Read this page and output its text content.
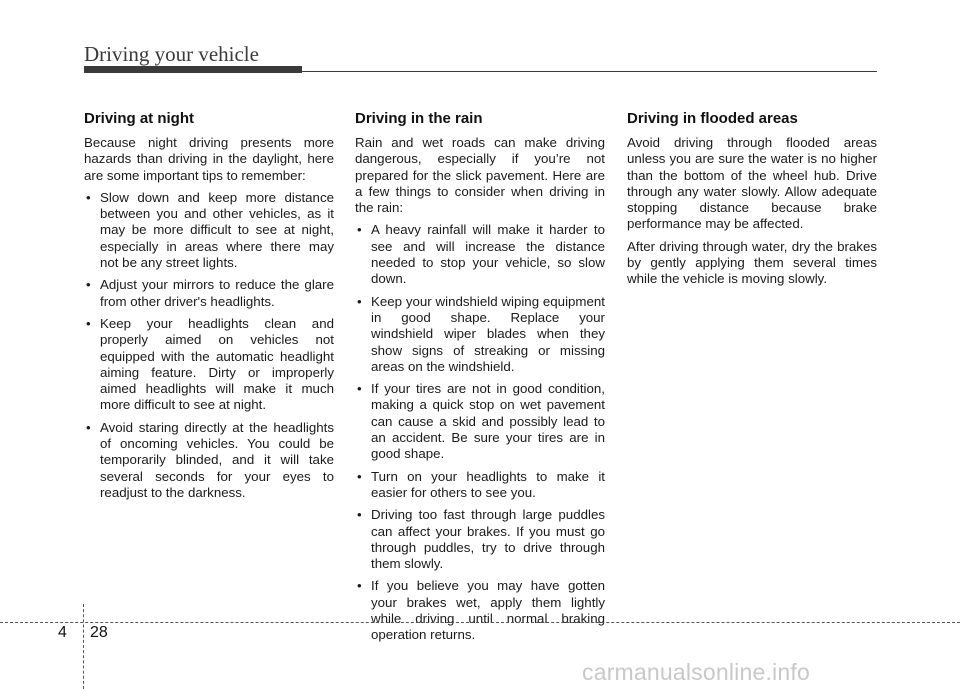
Driving your vehicle
Driving at night

Because night driving presents more hazards than driving in the daylight, here are some important tips to remember:

• Slow down and keep more distance between you and other vehicles, as it may be more difficult to see at night, especially in areas where there may not be any street lights.
• Adjust your mirrors to reduce the glare from other driver's headlights.
• Keep your headlights clean and properly aimed on vehicles not equipped with the automatic headlight aiming feature. Dirty or improperly aimed headlights will make it much more difficult to see at night.
• Avoid staring directly at the headlights of oncoming vehicles. You could be temporarily blinded, and it will take several seconds for your eyes to readjust to the darkness.
Driving in the rain

Rain and wet roads can make driving dangerous, especially if you’re not prepared for the slick pavement. Here are a few things to consider when driving in the rain:

• A heavy rainfall will make it harder to see and will increase the distance needed to stop your vehicle, so slow down.
• Keep your windshield wiping equipment in good shape. Replace your windshield wiper blades when they show signs of streaking or missing areas on the windshield.
• If your tires are not in good condition, making a quick stop on wet pavement can cause a skid and possibly lead to an accident. Be sure your tires are in good shape.
• Turn on your headlights to make it easier for others to see you.
• Driving too fast through large puddles can affect your brakes. If you must go through puddles, try to drive through them slowly.
• If you believe you may have gotten your brakes wet, apply them lightly while driving until normal braking operation returns.
Driving in flooded areas

Avoid driving through flooded areas unless you are sure the water is no higher than the bottom of the wheel hub. Drive through any water slowly. Allow adequate stopping distance because brake performance may be affected.

After driving through water, dry the brakes by gently applying them several times while the vehicle is moving slowly.

4 28
carmanualsonline.info
